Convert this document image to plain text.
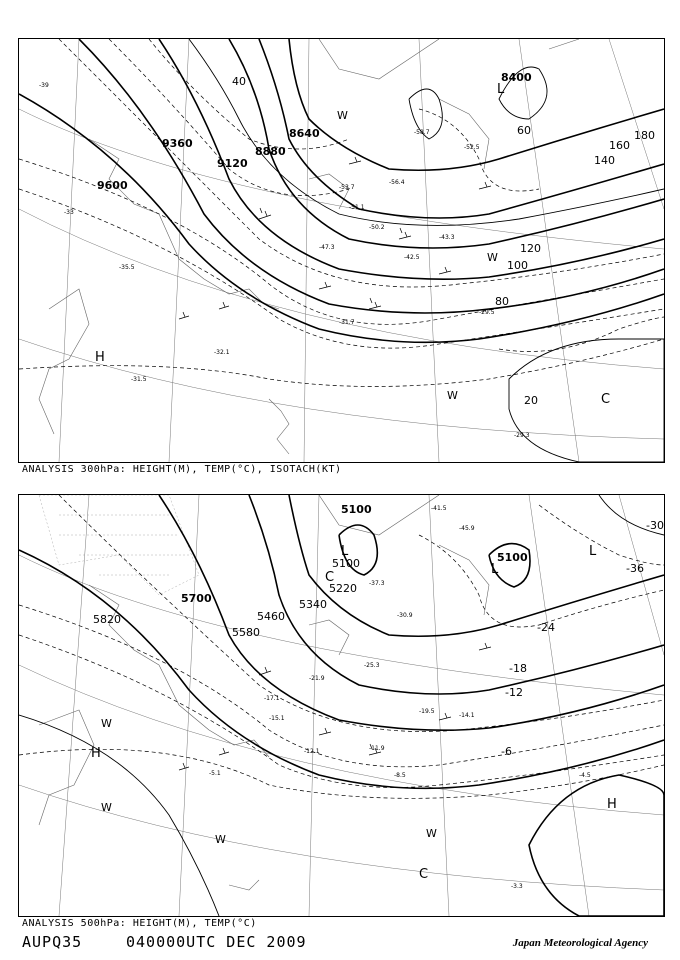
9600
9360
9120
8880
8640
8400
20
40
60
80
100
120
140
160
180
H
L
C
W
W
W
-39
-33
-35.5
-32.1
-31.5
-31.7
-29.5
-29.3
-42.5
-47.3
-51.1
-56.4
-58.7
-52.5
-53.7
-50.2
-43.3
ANALYSIS 300hPa: HEIGHT(M), TEMP(°C), ISOTACH(KT)
5820
5700
5580
5460
5340
5220
5100
5100	5100
-30
-36
-24
-18
-12
-6
H
H
L
L
L
C
C
W
W
W	W
-41.5
-45.9
-37.3
-30.9
-25.3
-21.9
-17.1
-15.1
-12.1	-11.9
-8.5
-5.1	-4.5
-3.3
-14.1
-19.5
ANALYSIS 500hPa: HEIGHT(M), TEMP(°C)
AUPQ35	040000UTC DEC 2009	Japan Meteorological Agency
